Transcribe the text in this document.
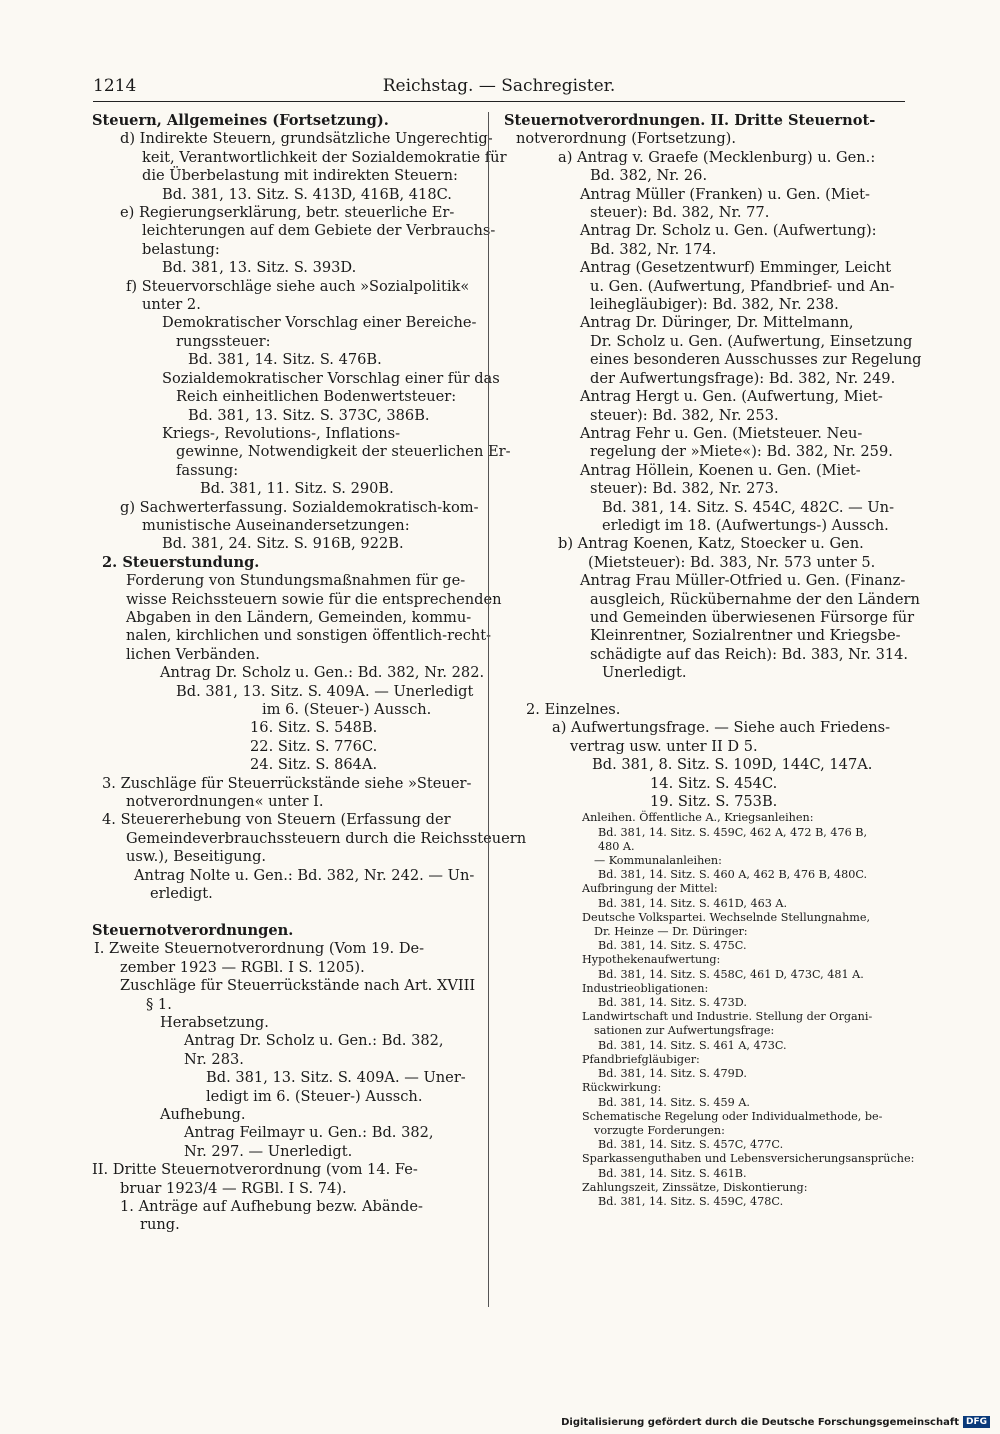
1214	Reichstag. — Sachregister.
Steuern, Allgemeines (Fortsetzung).
d) Indirekte Steuern, grundsätzliche Ungerechtig-
keit, Verantwortlichkeit der Sozialdemokratie für
die Überbelastung mit indirekten Steuern:
Bd. 381, 13. Sitz. S. 413D, 416B, 418C.
e) Regierungserklärung, betr. steuerliche Er-
leichterungen auf dem Gebiete der Verbrauchs-
belastung:
Bd. 381, 13. Sitz. S. 393D.
f) Steuervorschläge siehe auch »Sozialpolitik«
unter 2.
Demokratischer Vorschlag einer Bereiche-
rungssteuer:
Bd. 381, 14. Sitz. S. 476B.
Sozialdemokratischer Vorschlag einer für das
Reich einheitlichen Bodenwertsteuer:
Bd. 381, 13. Sitz. S. 373C, 386B.
Kriegs-, Revolutions-, Inflations-
gewinne, Notwendigkeit der steuerlichen Er-
fassung:
Bd. 381, 11. Sitz. S. 290B.
g) Sachwerterfassung. Sozialdemokratisch-kom-
munistische Auseinandersetzungen:
Bd. 381, 24. Sitz. S. 916B, 922B.
2. Steuerstundung.
Forderung von Stundungsmaßnahmen für ge-
wisse Reichssteuern sowie für die entsprechenden
Abgaben in den Ländern, Gemeinden, kommu-
nalen, kirchlichen und sonstigen öffentlich-recht-
lichen Verbänden.
Antrag Dr. Scholz u. Gen.: Bd. 382, Nr. 282.
Bd. 381, 13. Sitz. S. 409A. — Unerledigt
im 6. (Steuer-) Aussch.
16. Sitz. S. 548B.
22. Sitz. S. 776C.
24. Sitz. S. 864A.
3. Zuschläge für Steuerrückstände siehe »Steuer-
notverordnungen« unter I.
4. Steuererhebung von Steuern (Erfassung der
Gemeindeverbrauchssteuern durch die Reichssteuern
usw.), Beseitigung.
Antrag Nolte u. Gen.: Bd. 382, Nr. 242. — Un-
erledigt.

Steuernotverordnungen.
I. Zweite Steuernotverordnung (Vom 19. De-
zember 1923 — RGBl. I S. 1205).
Zuschläge für Steuerrückstände nach Art. XVIII
§ 1.
Herabsetzung.
Antrag Dr. Scholz u. Gen.: Bd. 382,
Nr. 283.
Bd. 381, 13. Sitz. S. 409A. — Uner-
ledigt im 6. (Steuer-) Aussch.
Aufhebung.
Antrag Feilmayr u. Gen.: Bd. 382,
Nr. 297. — Unerledigt.
II. Dritte Steuernotverordnung (vom 14. Fe-
bruar 1923/4 — RGBl. I S. 74).
1. Anträge auf Aufhebung bezw. Abände-
rung.
Steuernotverordnungen. II. Dritte Steuernot-
notverordnung (Fortsetzung).
a) Antrag v. Graefe (Mecklenburg) u. Gen.:
Bd. 382, Nr. 26.
Antrag Müller (Franken) u. Gen. (Miet-
steuer): Bd. 382, Nr. 77.
Antrag Dr. Scholz u. Gen. (Aufwertung):
Bd. 382, Nr. 174.
Antrag (Gesetzentwurf) Emminger, Leicht
u. Gen. (Aufwertung, Pfandbrief- und An-
leihegläubiger): Bd. 382, Nr. 238.
Antrag Dr. Düringer, Dr. Mittelmann,
Dr. Scholz u. Gen. (Aufwertung, Einsetzung
eines besonderen Ausschusses zur Regelung
der Aufwertungsfrage): Bd. 382, Nr. 249.
Antrag Hergt u. Gen. (Aufwertung, Miet-
steuer): Bd. 382, Nr. 253.
Antrag Fehr u. Gen. (Mietsteuer. Neu-
regelung der »Miete«): Bd. 382, Nr. 259.
Antrag Höllein, Koenen u. Gen. (Miet-
steuer): Bd. 382, Nr. 273.
Bd. 381, 14. Sitz. S. 454C, 482C. — Un-
erledigt im 18. (Aufwertungs-) Aussch.
b) Antrag Koenen, Katz, Stoecker u. Gen.
(Mietsteuer): Bd. 383, Nr. 573 unter 5.
Antrag Frau Müller-Otfried u. Gen. (Finanz-
ausgleich, Rückübernahme der den Ländern
und Gemeinden überwiesenen Fürsorge für
Kleinrentner, Sozialrentner und Kriegsbe-
schädigte auf das Reich): Bd. 383, Nr. 314.
Unerledigt.

2. Einzelnes.
a) Aufwertungsfrage. — Siehe auch Friedens-
vertrag usw. unter II D 5.
Bd. 381, 8. Sitz. S. 109D, 144C, 147A.
14. Sitz. S. 454C.
19. Sitz. S. 753B.
Anleihen. Öffentliche A., Kriegsanleihen:
Bd. 381, 14. Sitz. S. 459C, 462 A, 472 B, 476 B,
480 A.
— Kommunalanleihen:
Bd. 381, 14. Sitz. S. 460 A, 462 B, 476 B, 480C.
Aufbringung der Mittel:
Bd. 381, 14. Sitz. S. 461D, 463 A.
Deutsche Volkspartei. Wechselnde Stellungnahme,
Dr. Heinze — Dr. Düringer:
Bd. 381, 14. Sitz. S. 475C.
Hypothekenaufwertung:
Bd. 381, 14. Sitz. S. 458C, 461 D, 473C, 481 A.
Industrieobligationen:
Bd. 381, 14. Sitz. S. 473D.
Landwirtschaft und Industrie. Stellung der Organi-
sationen zur Aufwertungsfrage:
Bd. 381, 14. Sitz. S. 461 A, 473C.
Pfandbriefgläubiger:
Bd. 381, 14. Sitz. S. 479D.
Rückwirkung:
Bd. 381, 14. Sitz. S. 459 A.
Schematische Regelung oder Individualmethode, be-
vorzugte Forderungen:
Bd. 381, 14. Sitz. S. 457C, 477C.
Sparkassenguthaben und Lebensversicherungsansprüche:
Bd. 381, 14. Sitz. S. 461B.
Zahlungszeit, Zinssätze, Diskontierung:
Bd. 381, 14. Sitz. S. 459C, 478C.
Digitalisierung gefördert durch die Deutsche Forschungsgemeinschaft DFG
